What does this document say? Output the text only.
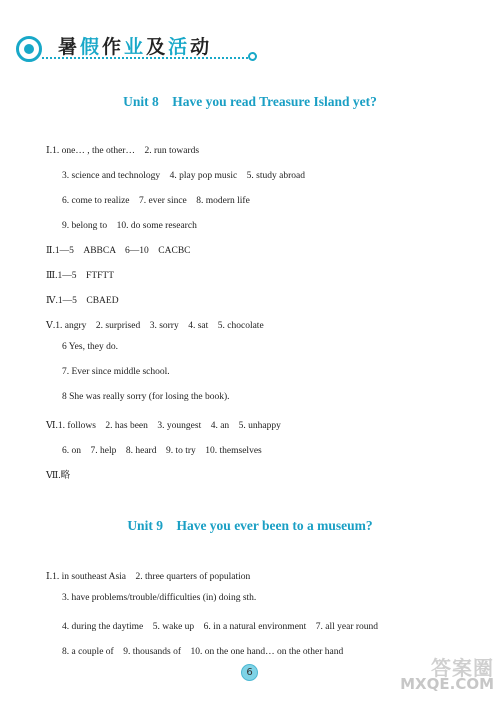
暑假作业及活动
Unit 8　Have you read Treasure Island yet?
Ⅰ.1. one… , the other…　2. run towards
3. science and technology　4. play pop music　5. study abroad
6. come to realize　7. ever since　8. modern life
9. belong to　10. do some research
Ⅱ.1—5　ABBCA　6—10　CACBC
Ⅲ.1—5　FTFTT
Ⅳ.1—5　CBAED
Ⅴ.1. angry　2. surprised　3. sorry　4. sat　5. chocolate
6 Yes, they do.
7. Ever since middle school.
8 She was really sorry (for losing the book).
Ⅵ.1. follows　2. has been　3. youngest　4. an　5. unhappy
6. on　7. help　8. heard　9. to try　10. themselves
Ⅶ.略
Unit 9　Have you ever been to a museum?
Ⅰ.1. in southeast Asia　2. three quarters of population
3. have problems/trouble/difficulties (in) doing sth.
4. during the daytime　5. wake up　6. in a natural environment　7. all year round
8. a couple of　9. thousands of　10. on the one hand… on the other hand
6	答案圈
MXQE.COM
